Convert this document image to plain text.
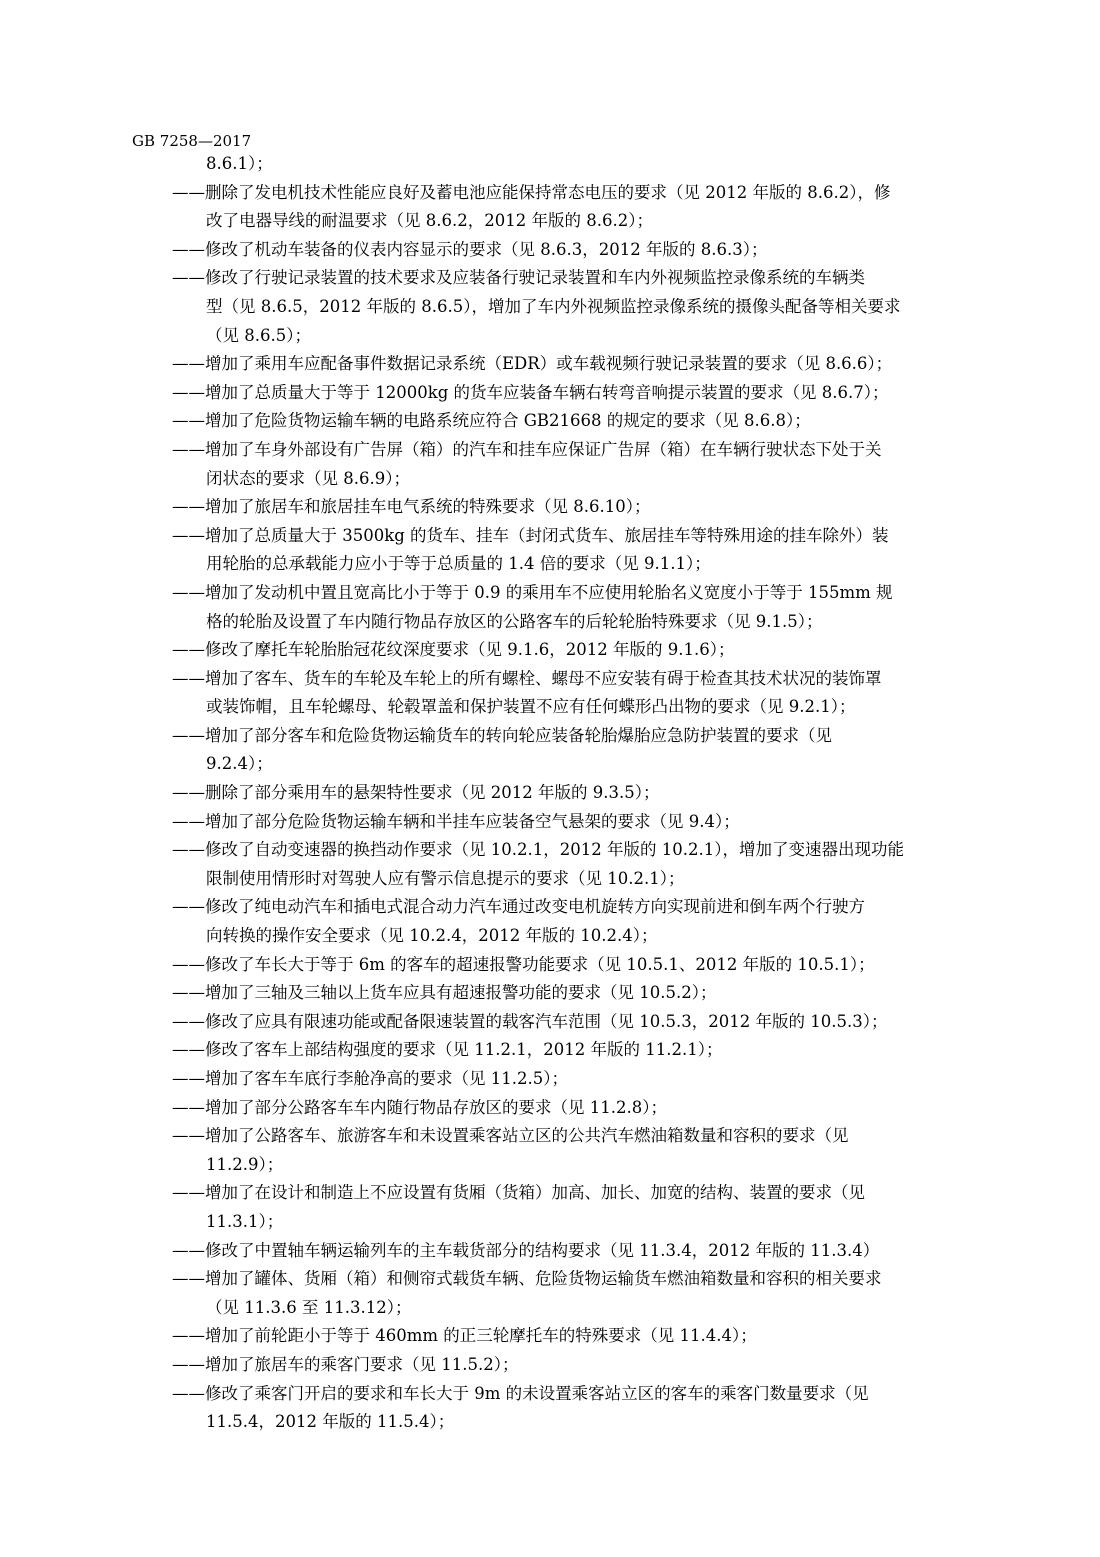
GB 7258—2017
8.6.1）；
——删除了发电机技术性能应良好及蓄电池应能保持常态电压的要求（见 2012 年版的 8.6.2），修
改了电器导线的耐温要求（见 8.6.2，2012 年版的 8.6.2）；
——修改了机动车装备的仪表内容显示的要求（见 8.6.3，2012 年版的 8.6.3）；
——修改了行驶记录装置的技术要求及应装备行驶记录装置和车内外视频监控录像系统的车辆类
型（见 8.6.5，2012 年版的 8.6.5），增加了车内外视频监控录像系统的摄像头配备等相关要求
（见 8.6.5）；
——增加了乘用车应配备事件数据记录系统（EDR）或车载视频行驶记录装置的要求（见 8.6.6）；
——增加了总质量大于等于 12000kg 的货车应装备车辆右转弯音响提示装置的要求（见 8.6.7）；
——增加了危险货物运输车辆的电路系统应符合 GB21668 的规定的要求（见 8.6.8）；
——增加了车身外部设有广告屏（箱）的汽车和挂车应保证广告屏（箱）在车辆行驶状态下处于关
闭状态的要求（见 8.6.9）；
——增加了旅居车和旅居挂车电气系统的特殊要求（见 8.6.10）；
——增加了总质量大于 3500kg 的货车、挂车（封闭式货车、旅居挂车等特殊用途的挂车除外）装
用轮胎的总承载能力应小于等于总质量的 1.4 倍的要求（见 9.1.1）；
——增加了发动机中置且宽高比小于等于 0.9 的乘用车不应使用轮胎名义宽度小于等于 155mm 规
格的轮胎及设置了车内随行物品存放区的公路客车的后轮轮胎特殊要求（见 9.1.5）；
——修改了摩托车轮胎胎冠花纹深度要求（见 9.1.6，2012 年版的 9.1.6）；
——增加了客车、货车的车轮及车轮上的所有螺栓、螺母不应安装有碍于检查其技术状况的装饰罩
或装饰帽，且车轮螺母、轮毂罩盖和保护装置不应有任何蝶形凸出物的要求（见 9.2.1）；
——增加了部分客车和危险货物运输货车的转向轮应装备轮胎爆胎应急防护装置的要求（见
9.2.4）；
——删除了部分乘用车的悬架特性要求（见 2012 年版的 9.3.5）；
——增加了部分危险货物运输车辆和半挂车应装备空气悬架的要求（见 9.4）；
——修改了自动变速器的换挡动作要求（见 10.2.1，2012 年版的 10.2.1），增加了变速器出现功能
限制使用情形时对驾驶人应有警示信息提示的要求（见 10.2.1）；
——修改了纯电动汽车和插电式混合动力汽车通过改变电机旋转方向实现前进和倒车两个行驶方
向转换的操作安全要求（见 10.2.4，2012 年版的 10.2.4）；
——修改了车长大于等于 6m 的客车的超速报警功能要求（见 10.5.1、2012 年版的 10.5.1）；
——增加了三轴及三轴以上货车应具有超速报警功能的要求（见 10.5.2）；
——修改了应具有限速功能或配备限速装置的载客汽车范围（见 10.5.3，2012 年版的 10.5.3）；
——修改了客车上部结构强度的要求（见 11.2.1，2012 年版的 11.2.1）；
——增加了客车车底行李舱净高的要求（见 11.2.5）；
——增加了部分公路客车车内随行物品存放区的要求（见 11.2.8）；
——增加了公路客车、旅游客车和未设置乘客站立区的公共汽车燃油箱数量和容积的要求（见
11.2.9）；
——增加了在设计和制造上不应设置有货厢（货箱）加高、加长、加宽的结构、装置的要求（见
11.3.1）；
——修改了中置轴车辆运输列车的主车载货部分的结构要求（见 11.3.4，2012 年版的 11.3.4）
——增加了罐体、货厢（箱）和侧帘式载货车辆、危险货物运输货车燃油箱数量和容积的相关要求
（见 11.3.6 至 11.3.12）；
——增加了前轮距小于等于 460mm 的正三轮摩托车的特殊要求（见 11.4.4）；
——增加了旅居车的乘客门要求（见 11.5.2）；
——修改了乘客门开启的要求和车长大于 9m 的未设置乘客站立区的客车的乘客门数量要求（见
11.5.4，2012 年版的 11.5.4）；
